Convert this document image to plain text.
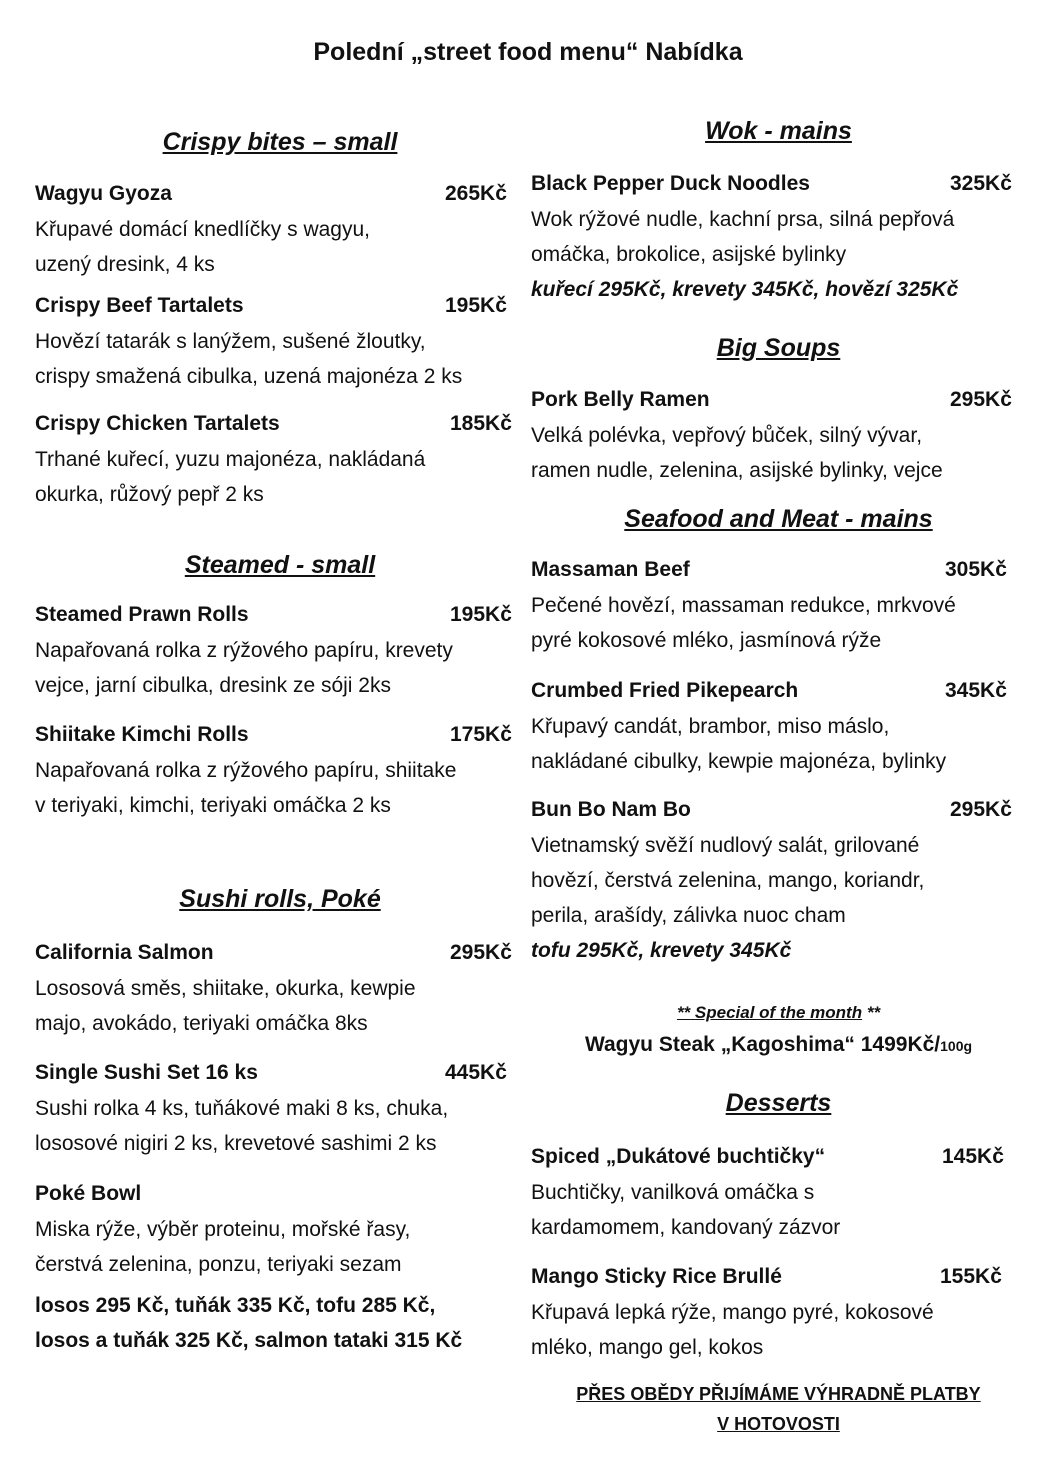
Polední „street food menu“ Nabídka
Crispy bites – small
Wagyu Gyoza	265Kč
Křupavé domácí knedlíčky s wagyu,
uzený dresink, 4 ks
Crispy Beef Tartalets	195Kč
Hovězí tatarák s lanýžem, sušené žloutky,
crispy smažená cibulka, uzená majonéza 2 ks
Crispy Chicken Tartalets	185Kč
Trhané kuřecí, yuzu majonéza, nakládaná
okurka, růžový pepř 2 ks
Steamed - small
Steamed Prawn Rolls	195Kč
Napařovaná rolka z rýžového papíru, krevety
vejce, jarní cibulka, dresink ze sóji 2ks
Shiitake Kimchi Rolls	175Kč
Napařovaná rolka z rýžového papíru, shiitake
v teriyaki, kimchi, teriyaki omáčka 2 ks
Sushi rolls, Poké
California Salmon	295Kč
Lososová směs, shiitake, okurka, kewpie
majo, avokádo, teriyaki omáčka 8ks
Single Sushi Set 16 ks	445Kč
Sushi rolka 4 ks, tuňákové maki 8 ks, chuka,
lososové nigiri 2 ks, krevetové sashimi 2 ks
Poké Bowl
Miska rýže, výběr proteinu, mořské řasy,
čerstvá zelenina, ponzu, teriyaki sezam
losos 295 Kč, tuňák 335 Kč, tofu 285 Kč,
losos a tuňák 325 Kč, salmon tataki 315 Kč
Wok - mains
Black Pepper Duck Noodles	325Kč
Wok rýžové nudle, kachní prsa, silná pepřová
omáčka, brokolice, asijské bylinky
kuřecí 295Kč, krevety 345Kč, hovězí 325Kč
Big Soups
Pork Belly Ramen	295Kč
Velká polévka, vepřový bůček, silný vývar,
ramen nudle, zelenina, asijské bylinky, vejce
Seafood and Meat - mains
Massaman Beef	305Kč
Pečené hovězí, massaman redukce, mrkvové
pyré kokosové mléko, jasmínová rýže
Crumbed Fried Pikepearch	345Kč
Křupavý candát, brambor, miso máslo,
nakládané cibulky, kewpie majonéza, bylinky
Bun Bo Nam Bo	295Kč
Vietnamský svěží nudlový salát, grilované
hovězí, čerstvá zelenina, mango, koriandr,
perila, arašídy, zálivka nuoc cham
tofu 295Kč, krevety 345Kč
** Special of the month **
Wagyu Steak „Kagoshima“ 1499Kč/100g
Desserts
Spiced „Dukátové buchtičky“	145Kč
Buchtičky, vanilková omáčka s
kardamomem, kandovaný zázvor
Mango Sticky Rice Brullé	155Kč
Křupavá lepká rýže, mango pyré, kokosové
mléko, mango gel, kokos
PŘES OBĚDY PŘIJÍMÁME VÝHRADNĚ PLATBY
V HOTOVOSTI
